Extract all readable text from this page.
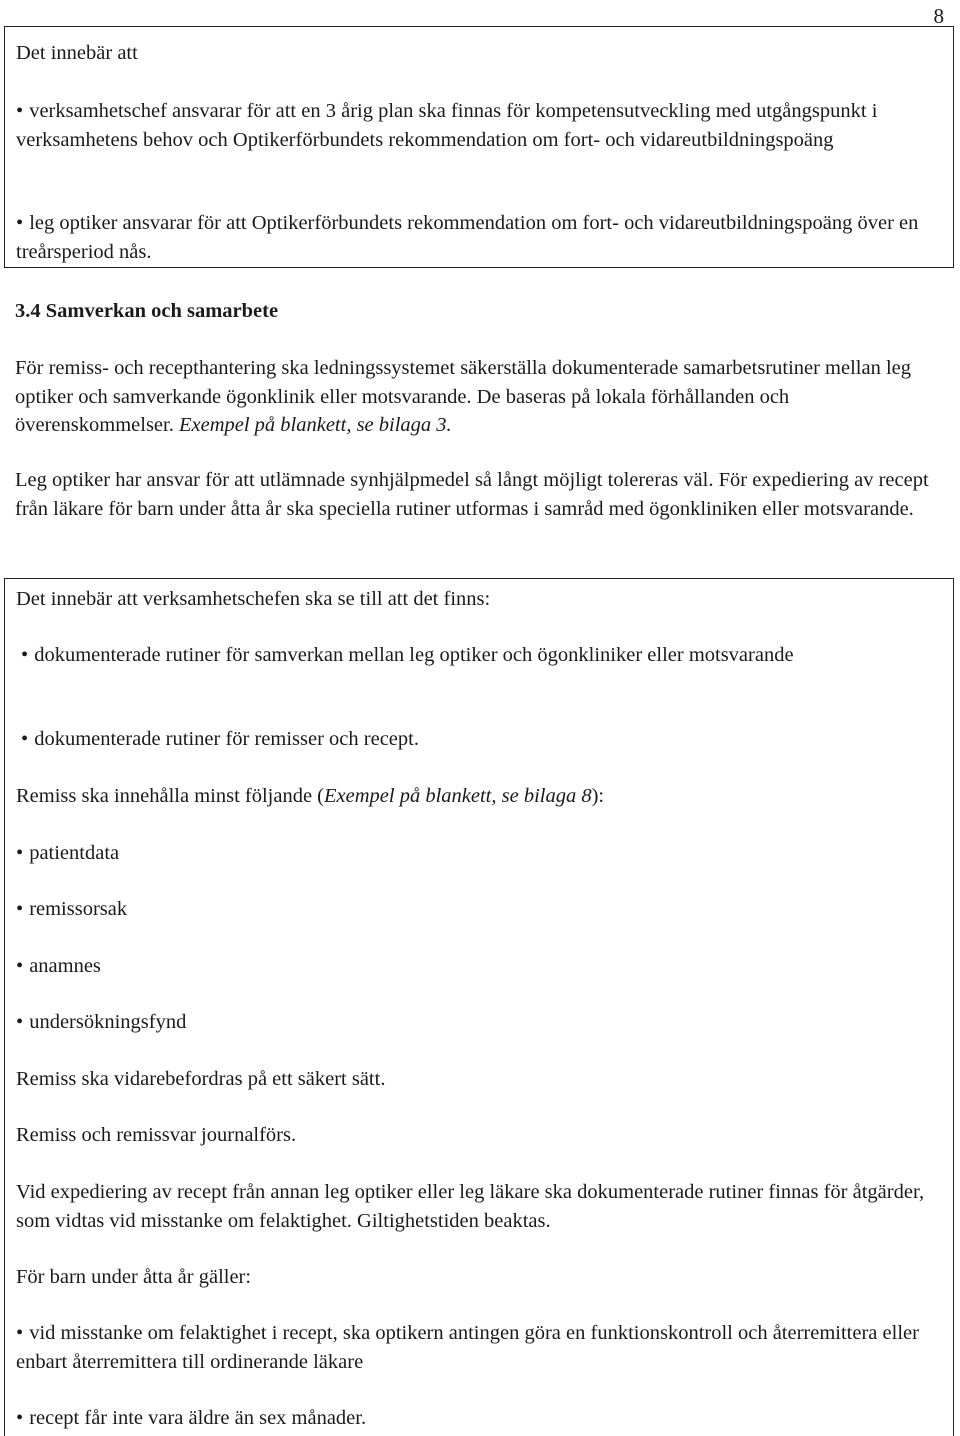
8

Det innebär att

• verksamhetschef ansvarar för att en 3 årig plan ska finnas för kompetensutveckling med utgångspunkt i verksamhetens behov och Optikerförbundets rekommendation om fort- och vidareutbildningspoäng

• leg optiker ansvarar för att Optikerförbundets rekommendation om fort- och vidareutbildningspoäng över en treårsperiod nås.

3.4 Samverkan och samarbete

För remiss- och recepthantering ska ledningssystemet säkerställa dokumenterade samarbetsrutiner mellan leg optiker och samverkande ögonklinik eller motsvarande. De baseras på lokala förhållanden och överenskommelser. Exempel på blankett, se bilaga 3.

Leg optiker har ansvar för att utlämnade synhjälpmedel så långt möjligt tolereras väl. För expediering av recept från läkare för barn under åtta år ska speciella rutiner utformas i samråd med ögonkliniken eller motsvarande.

Det innebär att verksamhetschefen ska se till att det finns:

• dokumenterade rutiner för samverkan mellan leg optiker och ögonkliniker eller motsvarande

• dokumenterade rutiner för remisser och recept.

Remiss ska innehålla minst följande (Exempel på blankett, se bilaga 8):

• patientdata

• remissorsak

• anamnes

• undersökningsfynd

Remiss ska vidarebefordras på ett säkert sätt.

Remiss och remissvar journalförs.

Vid expediering av recept från annan leg optiker eller leg läkare ska dokumenterade rutiner finnas för åtgärder, som vidtas vid misstanke om felaktighet. Giltighetstiden beaktas.

För barn under åtta år gäller:

• vid misstanke om felaktighet i recept, ska optikern antingen göra en funktionskontroll och återremittera eller enbart återremittera till ordinerande läkare

• recept får inte vara äldre än sex månader.
